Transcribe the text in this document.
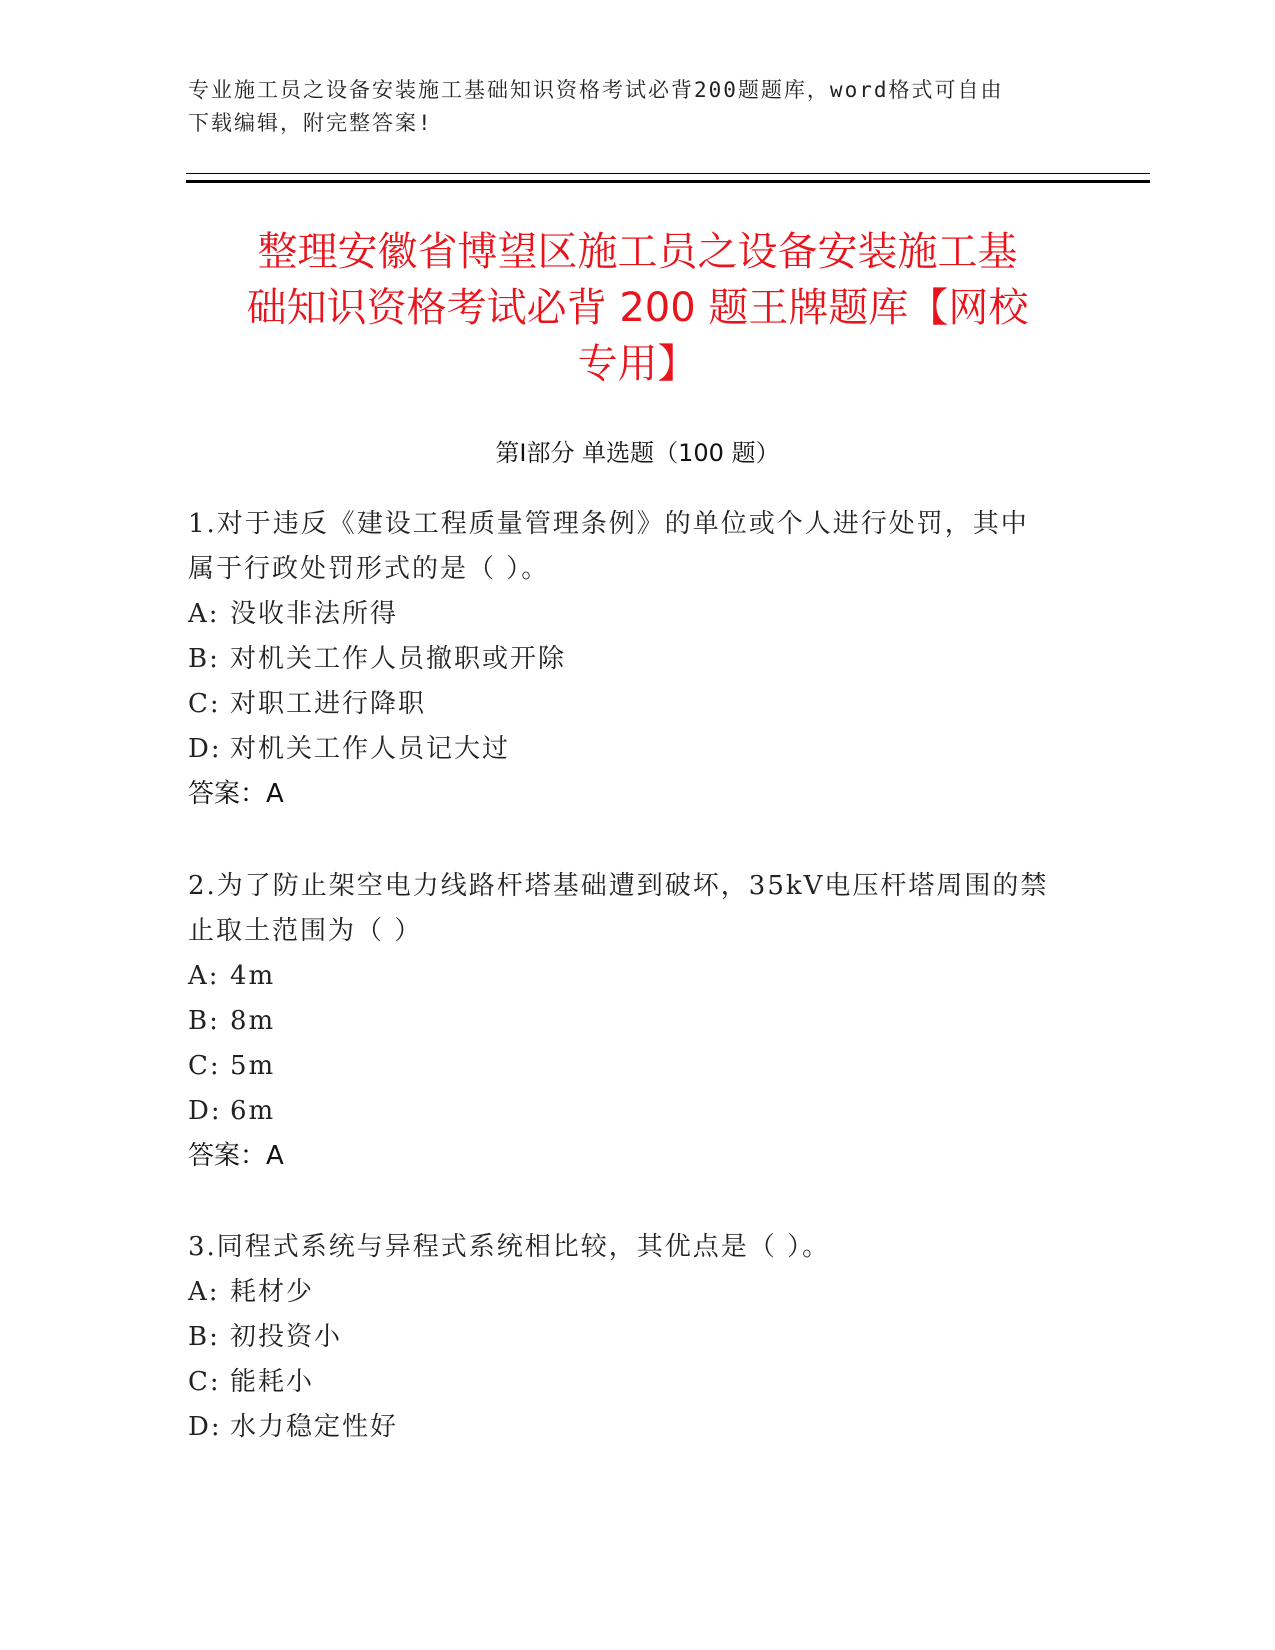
专业施工员之设备安装施工基础知识资格考试必背200题题库，word格式可自由
下载编辑，附完整答案!
整理安徽省博望区施工员之设备安装施工基
础知识资格考试必背 200 题王牌题库【网校
专用】
第Ⅰ部分 单选题（100 题）

1.对于违反《建设工程质量管理条例》的单位或个人进行处罚，其中

属于行政处罚形式的是（ ）。

A: 没收非法所得

B: 对机关工作人员撤职或开除

C: 对职工进行降职

D: 对机关工作人员记大过

答案：A

2.为了防止架空电力线路杆塔基础遭到破坏，35kV电压杆塔周围的禁

止取土范围为（ ）

A: 4m

B: 8m

C: 5m

D: 6m

答案：A

3.同程式系统与异程式系统相比较，其优点是（ ）。

A: 耗材少

B: 初投资小

C: 能耗小

D: 水力稳定性好
